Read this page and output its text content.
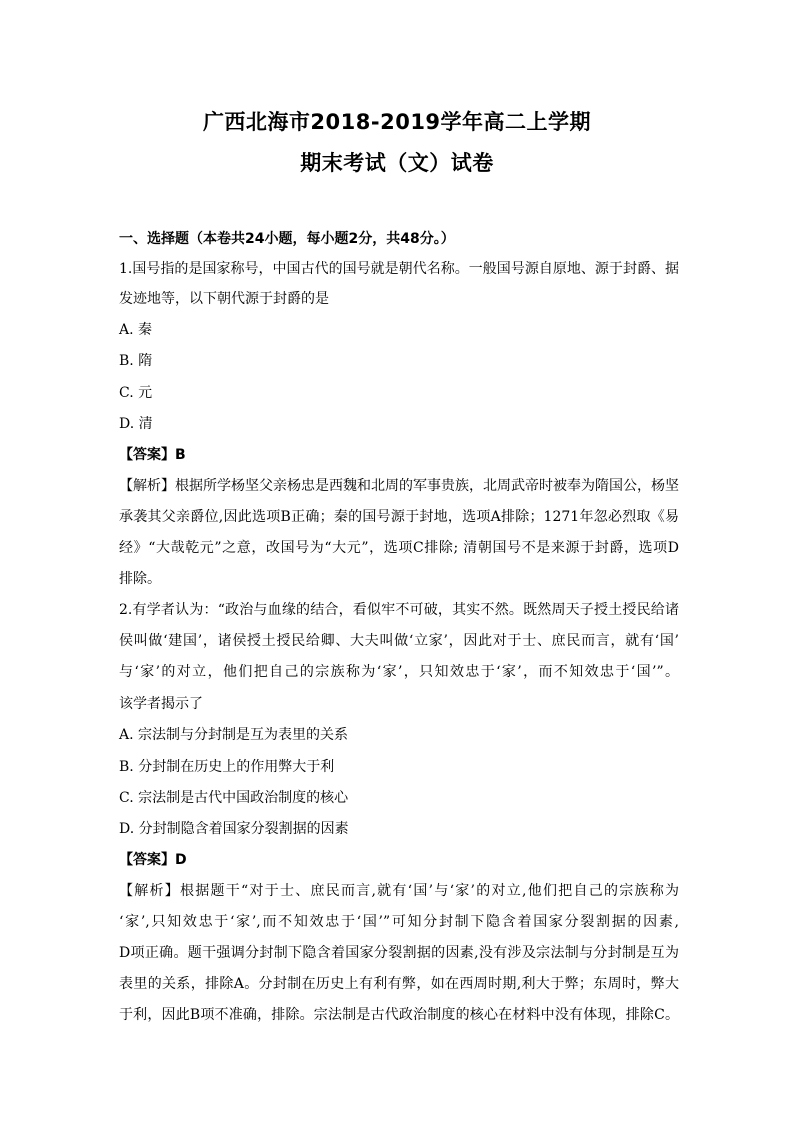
广西北海市2018-2019学年高二上学期
期末考试（文）试卷
一、选择题（本卷共24小题，每小题2分，共48分。）
1.国号指的是国家称号，中国古代的国号就是朝代名称。一般国号源自原地、源于封爵、据
发迹地等，以下朝代源于封爵的是
A. 秦
B. 隋
C. 元
D. 清
【答案】B
【解析】根据所学杨坚父亲杨忠是西魏和北周的军事贵族，北周武帝时被奉为隋国公，杨坚
承袭其父亲爵位,因此选项B正确；秦的国号源于封地，选项A排除；1271年忽必烈取《易
经》“大哉乾元”之意，改国号为“大元”，选项C排除; 清朝国号不是来源于封爵，选项D
排除。
2.有学者认为：“政治与血缘的结合，看似牢不可破，其实不然。既然周天子授土授民给诸
侯叫做‘建国’，诸侯授土授民给卿、大夫叫做‘立家’，因此对于士、庶民而言，就有‘国’
与‘家’的对立，他们把自己的宗族称为‘家’，只知效忠于‘家’，而不知效忠于‘国’”。
该学者揭示了
A. 宗法制与分封制是互为表里的关系
B. 分封制在历史上的作用弊大于利
C. 宗法制是古代中国政治制度的核心
D. 分封制隐含着国家分裂割据的因素
【答案】D
【解析】根据题干“对于士、庶民而言,就有‘国’与‘家’的对立,他们把自己的宗族称为
‘家’,只知效忠于‘家’,而不知效忠于‘国’”可知分封制下隐含着国家分裂割据的因素,
D项正确。题干强调分封制下隐含着国家分裂割据的因素,没有涉及宗法制与分封制是互为
表里的关系，排除A。分封制在历史上有利有弊，如在西周时期,利大于弊；东周时，弊大
于利，因此B项不准确，排除。宗法制是古代政治制度的核心在材料中没有体现，排除C。
